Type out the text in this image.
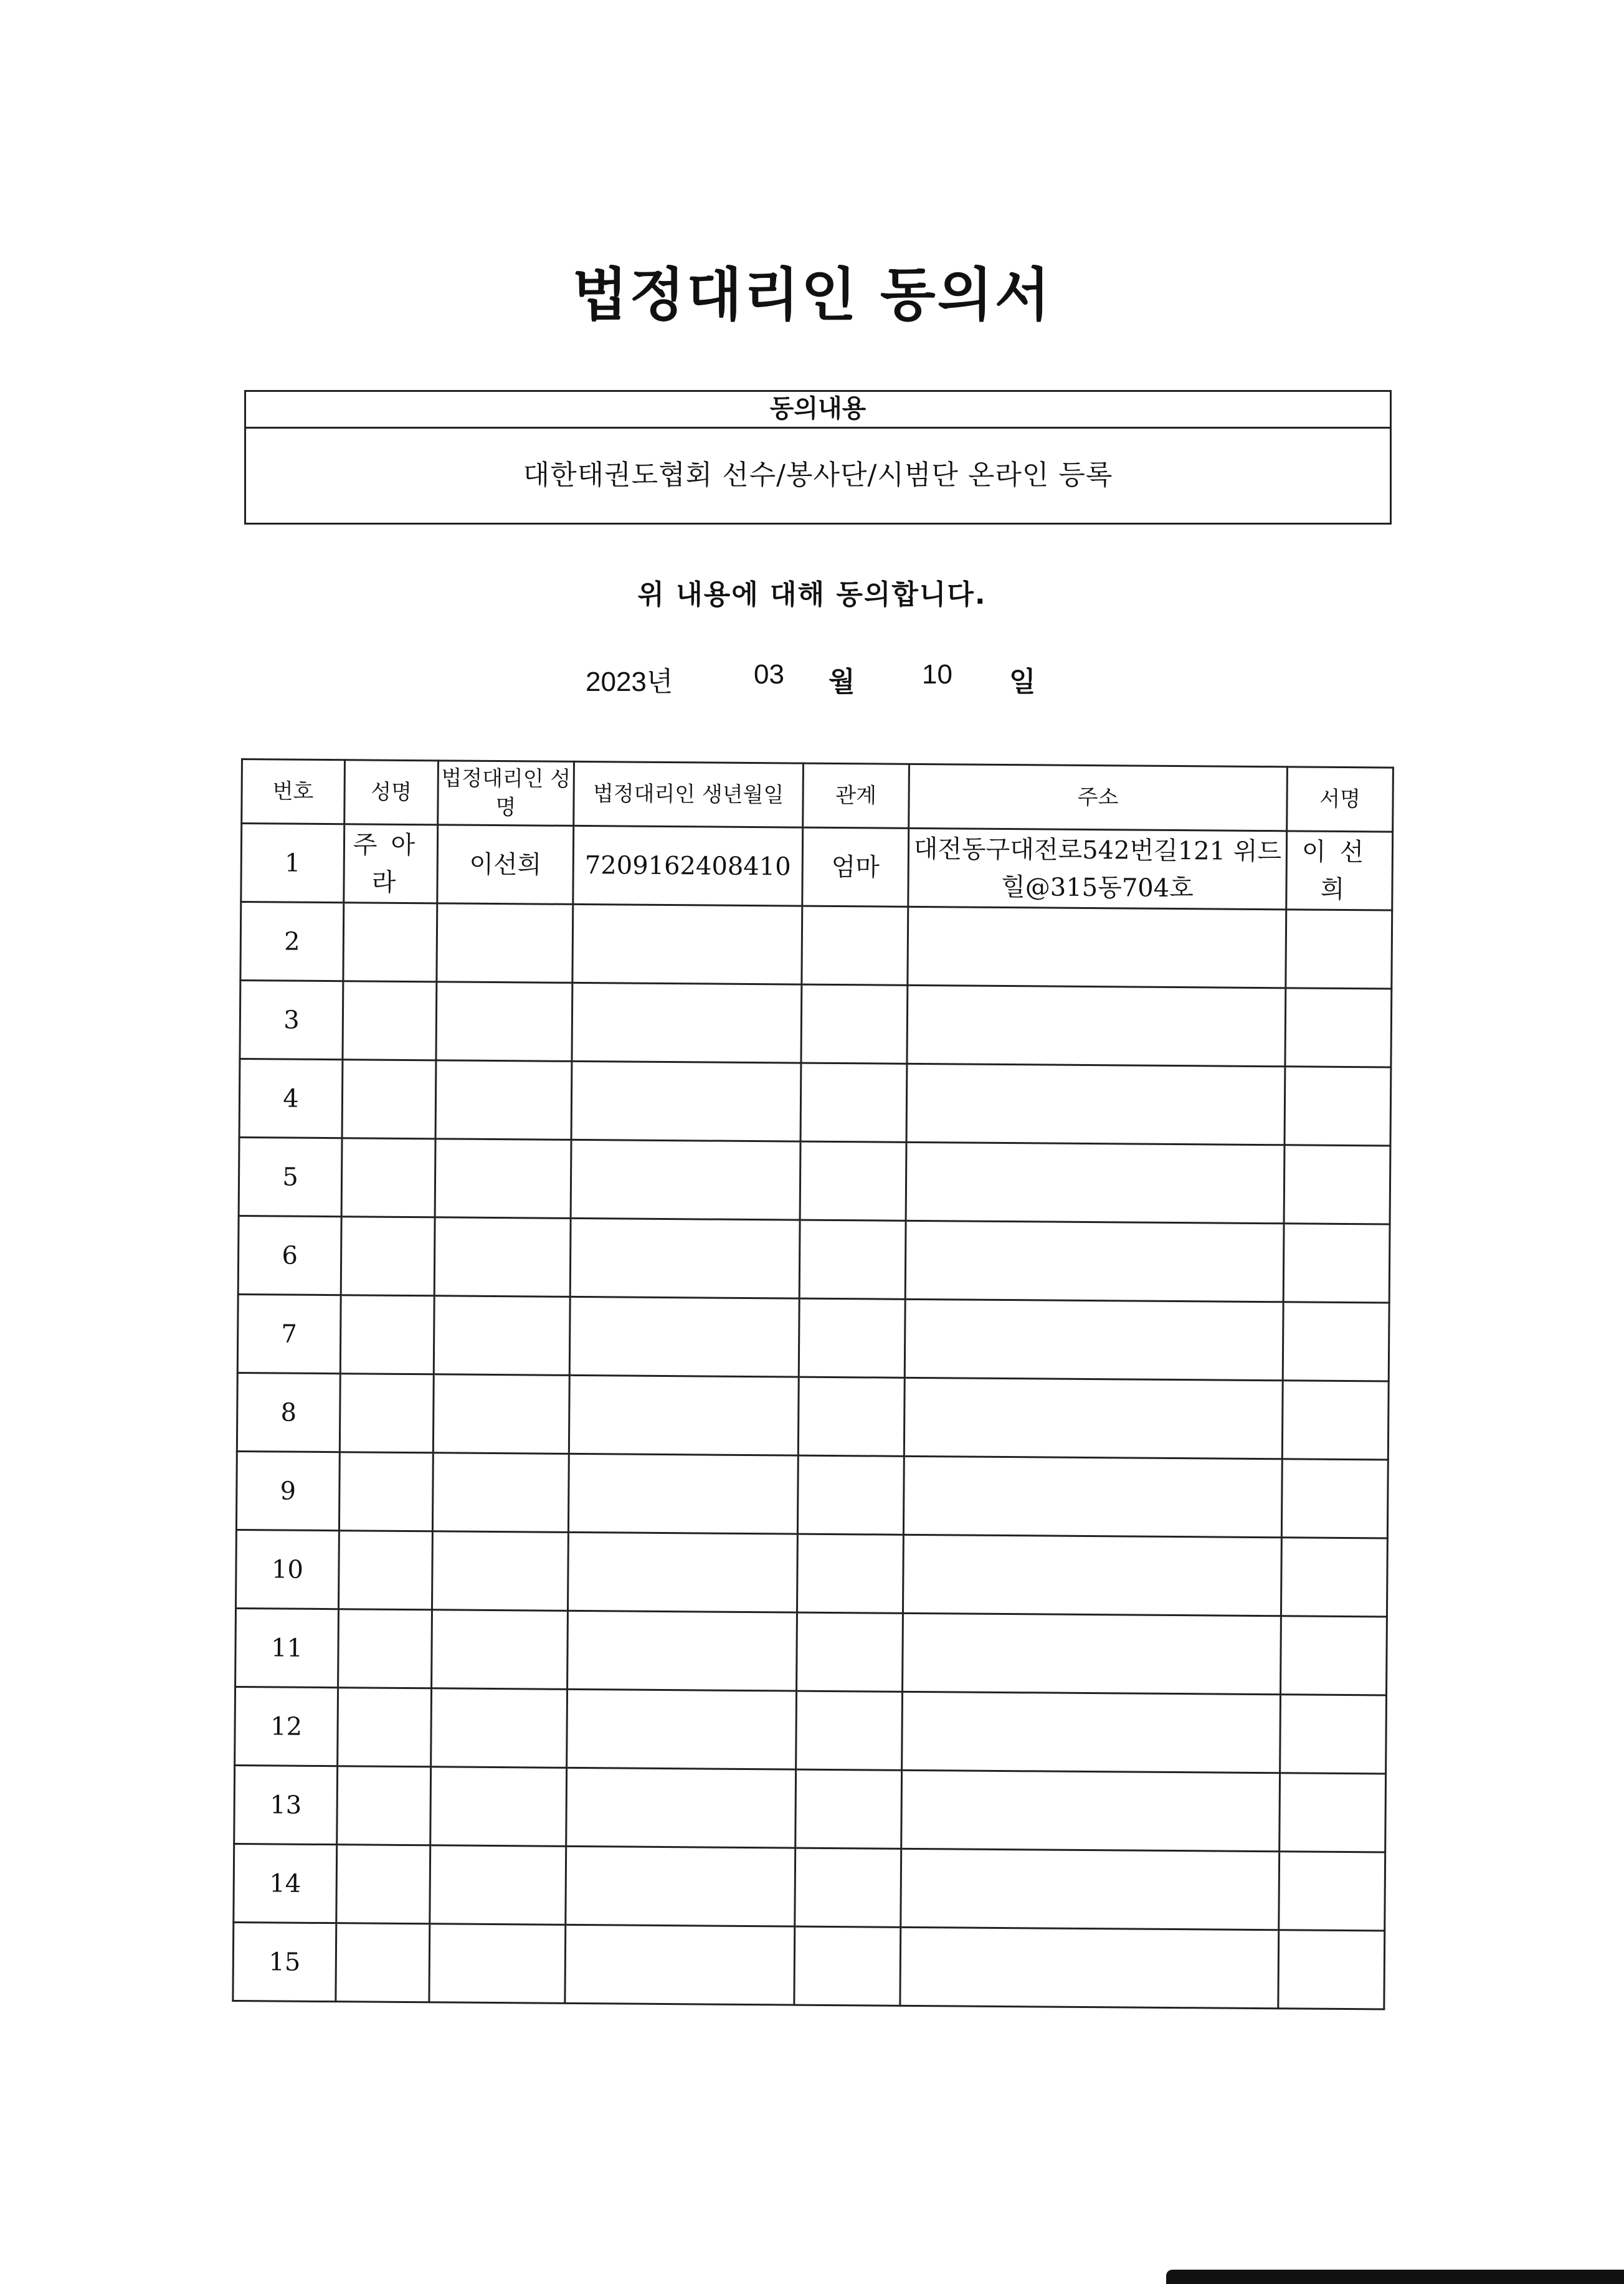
법정대리인 동의서
동의내용
대한태권도협회 선수/봉사단/시범단 온라인 등록
위 내용에 대해 동의합니다.
2023년	03 월 10 일
번호	성명	법정대리인 성명	법정대리인 생년월일	관계	주소	서명
1	주아라	이선희	7209162408410	엄마	대전동구대전로542번길121 위드힐@315동704호	이선희
2						
3						
4						
5						
6						
7						
8						
9						
10						
11						
12						
13						
14						
15						
